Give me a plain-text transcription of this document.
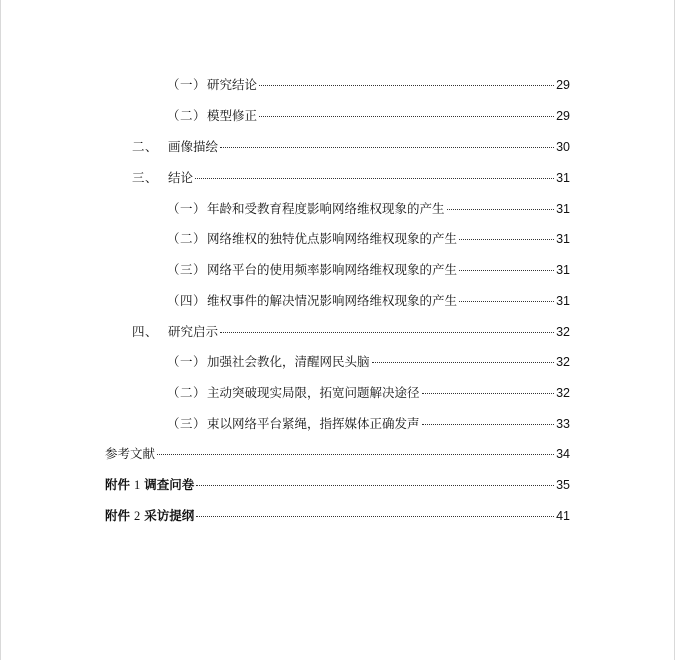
（一） 研究结论	29
（二） 模型修正	29
二、 画像描绘	30
三、 结论	31
（一） 年龄和受教育程度影响网络维权现象的产生	31
（二） 网络维权的独特优点影响网络维权现象的产生	31
（三） 网络平台的使用频率影响网络维权现象的产生	31
（四） 维权事件的解决情况影响网络维权现象的产生	31
四、 研究启示	32
（一） 加强社会教化，清醒网民头脑	32
（二） 主动突破现实局限，拓宽问题解决途径	32
（三） 束以网络平台紧绳，指挥媒体正确发声	33
参考文献	34
附件 1 调查问卷	35
附件 2 采访提纲	41
